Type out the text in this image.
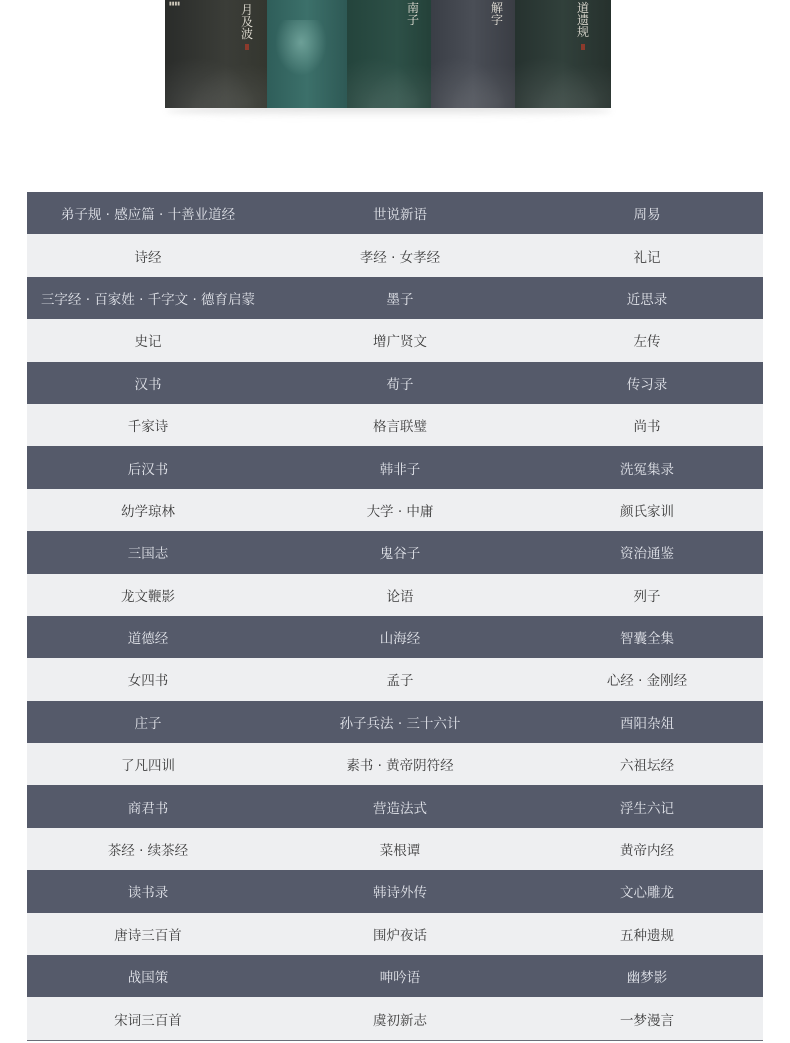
▮▮▮▮	月
及
波
南
子
解
字
道
遗
规
弟子规 · 感应篇 · 十善业道经	世说新语	周易
诗经	孝经 · 女孝经	礼记
三字经 · 百家姓 · 千字文 · 德育启蒙	墨子	近思录
史记	增广贤文	左传
汉书	荀子	传习录
千家诗	格言联璧	尚书
后汉书	韩非子	洗冤集录
幼学琼林	大学 · 中庸	颜氏家训
三国志	鬼谷子	资治通鉴
龙文鞭影	论语	列子
道德经	山海经	智囊全集
女四书	孟子	心经 · 金刚经
庄子	孙子兵法 · 三十六计	酉阳杂俎
了凡四训	素书 · 黄帝阴符经	六祖坛经
商君书	营造法式	浮生六记
茶经 · 续茶经	菜根谭	黄帝内经
读书录	韩诗外传	文心雕龙
唐诗三百首	围炉夜话	五种遗规
战国策	呻吟语	幽梦影
宋词三百首	虞初新志	一梦漫言
